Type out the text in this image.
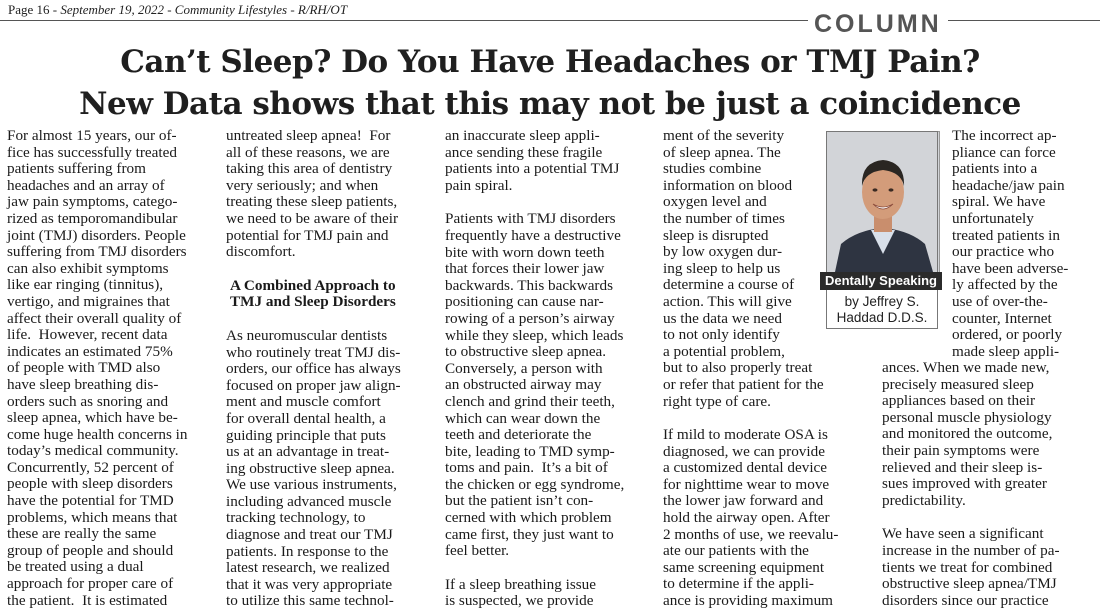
Page 16 - September 19, 2022 - Community Lifestyles - R/RH/OT
COLUMN
Can’t Sleep? Do You Have Headaches or TMJ Pain?
New Data shows that this may not be just a coincidence

For almost 15 years, our of-

fice has successfully treated

patients suffering from

headaches and an array of

jaw pain symptoms, catego-

rized as temporomandibular

joint (TMJ) disorders. People

suffering from TMJ disorders

can also exhibit symptoms

like ear ringing (tinnitus),

vertigo, and migraines that

affect their overall quality of

life.  However, recent data

indicates an estimated 75%

of people with TMD also

have sleep breathing dis-

orders such as snoring and

sleep apnea, which have be-

come huge health concerns in

today’s medical community.

Concurrently, 52 percent of

people with sleep disorders

have the potential for TMD

problems, which means that

these are really the same

group of people and should

be treated using a dual

approach for proper care of

the patient.  It is estimated

untreated sleep apnea!  For

all of these reasons, we are

taking this area of dentistry

very seriously; and when

treating these sleep patients,

we need to be aware of their

potential for TMJ pain and

discomfort.

A Combined Approach to
TMJ and Sleep Disorders

As neuromuscular dentists

who routinely treat TMJ dis-

orders, our office has always

focused on proper jaw align-

ment and muscle comfort

for overall dental health, a

guiding principle that puts

us at an advantage in treat-

ing obstructive sleep apnea.

We use various instruments,

including advanced muscle

tracking technology, to

diagnose and treat our TMJ

patients. In response to the

latest research, we realized

that it was very appropriate

to utilize this same technol-

an inaccurate sleep appli-

ance sending these fragile

patients into a potential TMJ

pain spiral.

Patients with TMJ disorders

frequently have a destructive

bite with worn down teeth

that forces their lower jaw

backwards. This backwards

positioning can cause nar-

rowing of a person’s airway

while they sleep, which leads

to obstructive sleep apnea.

Conversely, a person with

an obstructed airway may

clench and grind their teeth,

which can wear down the

teeth and deteriorate the

bite, leading to TMD symp-

toms and pain.  It’s a bit of

the chicken or egg syndrome,

but the patient isn’t con-

cerned with which problem

came first, they just want to

feel better.

If a sleep breathing issue

is suspected, we provide

ment of the severity

of sleep apnea. The

studies combine

information on blood

oxygen level and

the number of times

sleep is disrupted

by low oxygen dur-

ing sleep to help us

determine a course of

action. This will give

us the data we need

to not only identify

a potential problem,

but to also properly treat

or refer that patient for the

right type of care.

If mild to moderate OSA is

diagnosed, we can provide

a customized dental device

for nighttime wear to move

the lower jaw forward and

hold the airway open. After

2 months of use, we reevalu-

ate our patients with the

same screening equipment

to determine if the appli-

ance is providing maximum

Dentally Speaking
by Jeffrey S.
Haddad D.D.S.

The incorrect ap-

pliance can force

patients into a

headache/jaw pain

spiral. We have

unfortunately

treated patients in

our practice who

have been adverse-

ly affected by the

use of over-the-

counter, Internet

ordered, or poorly

made sleep appli-

ances. When we made new,

precisely measured sleep

appliances based on their

personal muscle physiology

and monitored the outcome,

their pain symptoms were

relieved and their sleep is-

sues improved with greater

predictability.

We have seen a significant

increase in the number of pa-

tients we treat for combined

obstructive sleep apnea/TMJ

disorders since our practice
